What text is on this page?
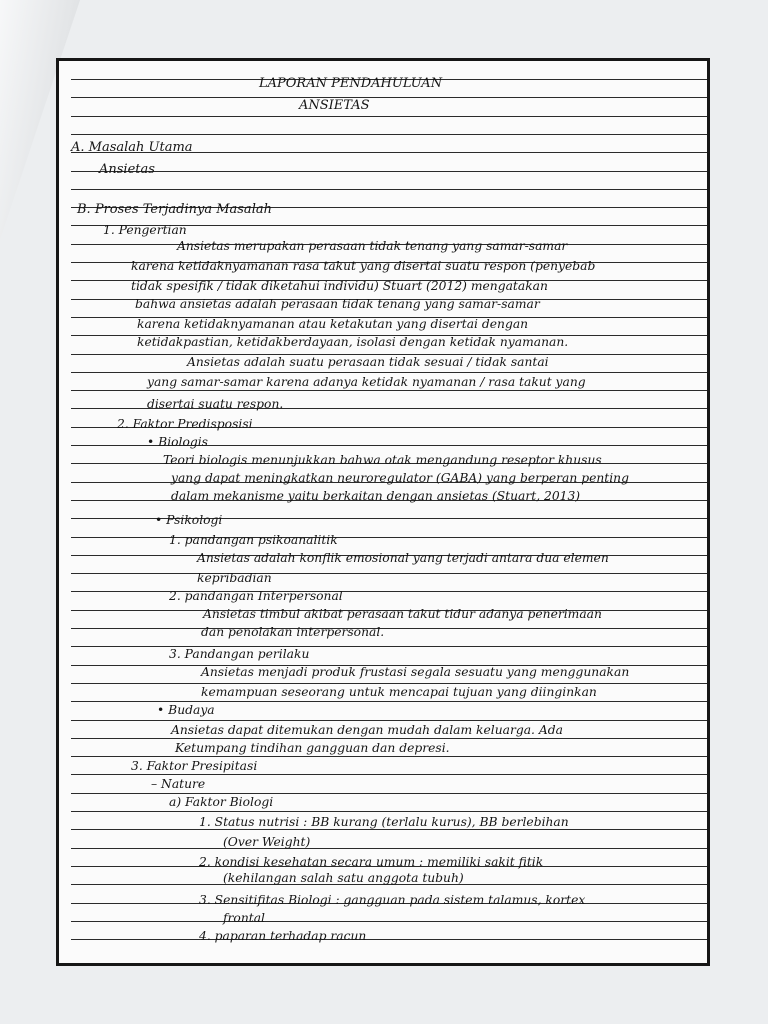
LAPORAN PENDAHULUAN
ANSIETAS
A. Masalah Utama
Ansietas
B. Proses Terjadinya Masalah
1. Pengertian
Ansietas merupakan perasaan tidak tenang yang samar-samar
karena ketidaknyamanan rasa takut yang disertai suatu respon (penyebab
tidak spesifik / tidak diketahui individu) Stuart (2012) mengatakan
bahwa ansietas adalah perasaan tidak tenang yang samar-samar
karena ketidaknyamanan atau ketakutan yang disertai dengan
ketidakpastian, ketidakberdayaan, isolasi dengan ketidak nyamanan.
Ansietas adalah suatu perasaan tidak sesuai / tidak santai
yang samar-samar karena adanya ketidak nyamanan / rasa takut yang
disertai suatu respon.
2. Faktor Predisposisi
• Biologis
Teori biologis menunjukkan bahwa otak mengandung reseptor khusus
yang dapat meningkatkan neuroregulator (GABA) yang berperan penting
dalam mekanisme yaitu berkaitan dengan ansietas (Stuart, 2013)
• Psikologi
1. pandangan psikoanalitik
Ansietas adalah konflik emosional yang terjadi antara dua elemen
kepribadian
2. pandangan Interpersonal
Ansietas timbul akibat perasaan takut tidur adanya penerimaan
dan penolakan interpersonal.
3. Pandangan perilaku
Ansietas menjadi produk frustasi segala sesuatu yang menggunakan
kemampuan seseorang untuk mencapai tujuan yang diinginkan
• Budaya
Ansietas dapat ditemukan dengan mudah dalam keluarga. Ada
Ketumpang tindihan gangguan dan depresi.
3. Faktor Presipitasi
– Nature
a) Faktor Biologi
1. Status nutrisi : BB kurang (terlalu kurus), BB berlebihan
(Over Weight)
2. kondisi kesehatan secara umum : memiliki sakit fitik
(kehilangan salah satu anggota tubuh)
3. Sensitifitas Biologi : gangguan pada sistem talamus, kortex
frontal
4. paparan terhadap racun
